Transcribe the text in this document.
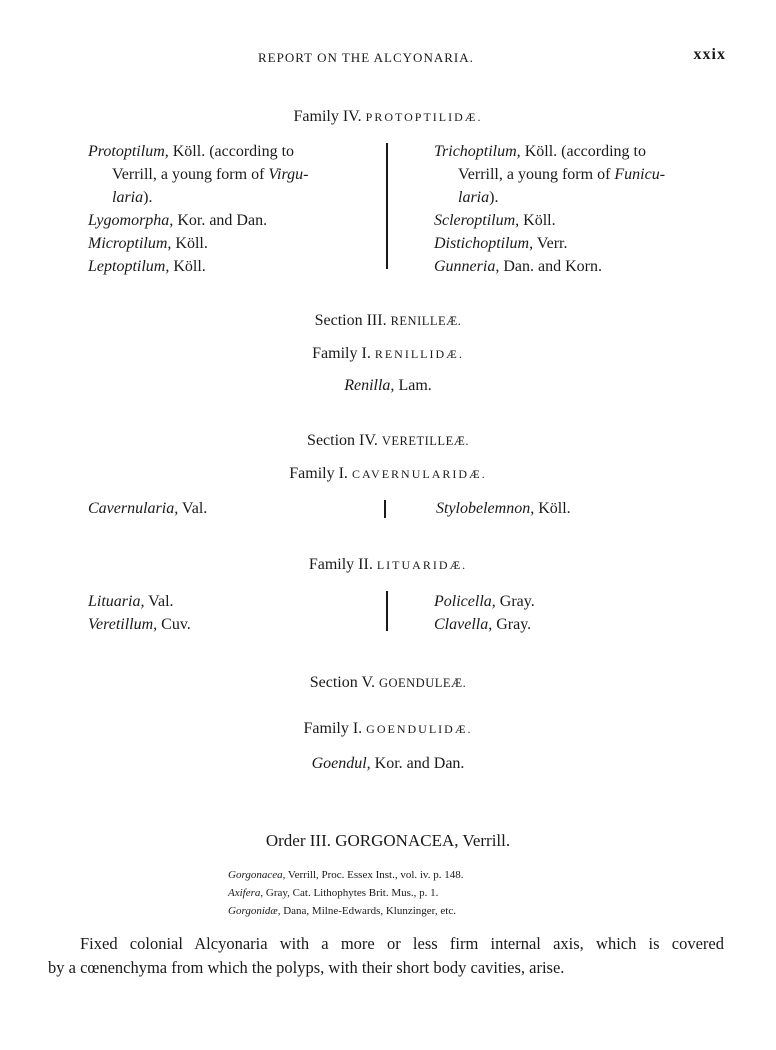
REPORT ON THE ALCYONARIA.	xxix
Family IV. PROTOPTILIDÆ.
Protoptilum, Köll. (according to
Verrill, a young form of Virgu-
laria).
Lygomorpha, Kor. and Dan.
Microptilum, Köll.
Leptoptilum, Köll.
Trichoptilum, Köll. (according to
Verrill, a young form of Funicu-
laria).
Scleroptilum, Köll.
Distichoptilum, Verr.
Gunneria, Dan. and Korn.
Section III. RENILLEÆ.
Family I. RENILLIDÆ.
Renilla, Lam.
Section IV. VERETILLEÆ.
Family I. CAVERNULARIDÆ.
Cavernularia, Val.	Stylobelemnon, Köll.
Family II. LITUARIDÆ.
Lituaria, Val.
Veretillum, Cuv.
Policella, Gray.
Clavella, Gray.
Section V. GOENDULEÆ.
Family I. GOENDULIDÆ.
Goendul, Kor. and Dan.
Order III. GORGONACEA, Verrill.
Gorgonacea, Verrill, Proc. Essex Inst., vol. iv. p. 148.
Axifera, Gray, Cat. Lithophytes Brit. Mus., p. 1.
Gorgonidæ, Dana, Milne-Edwards, Klunzinger, etc.
Fixed colonial Alcyonaria with a more or less firm internal axis, which is covered
by a cœnenchyma from which the polyps, with their short body cavities, arise.
